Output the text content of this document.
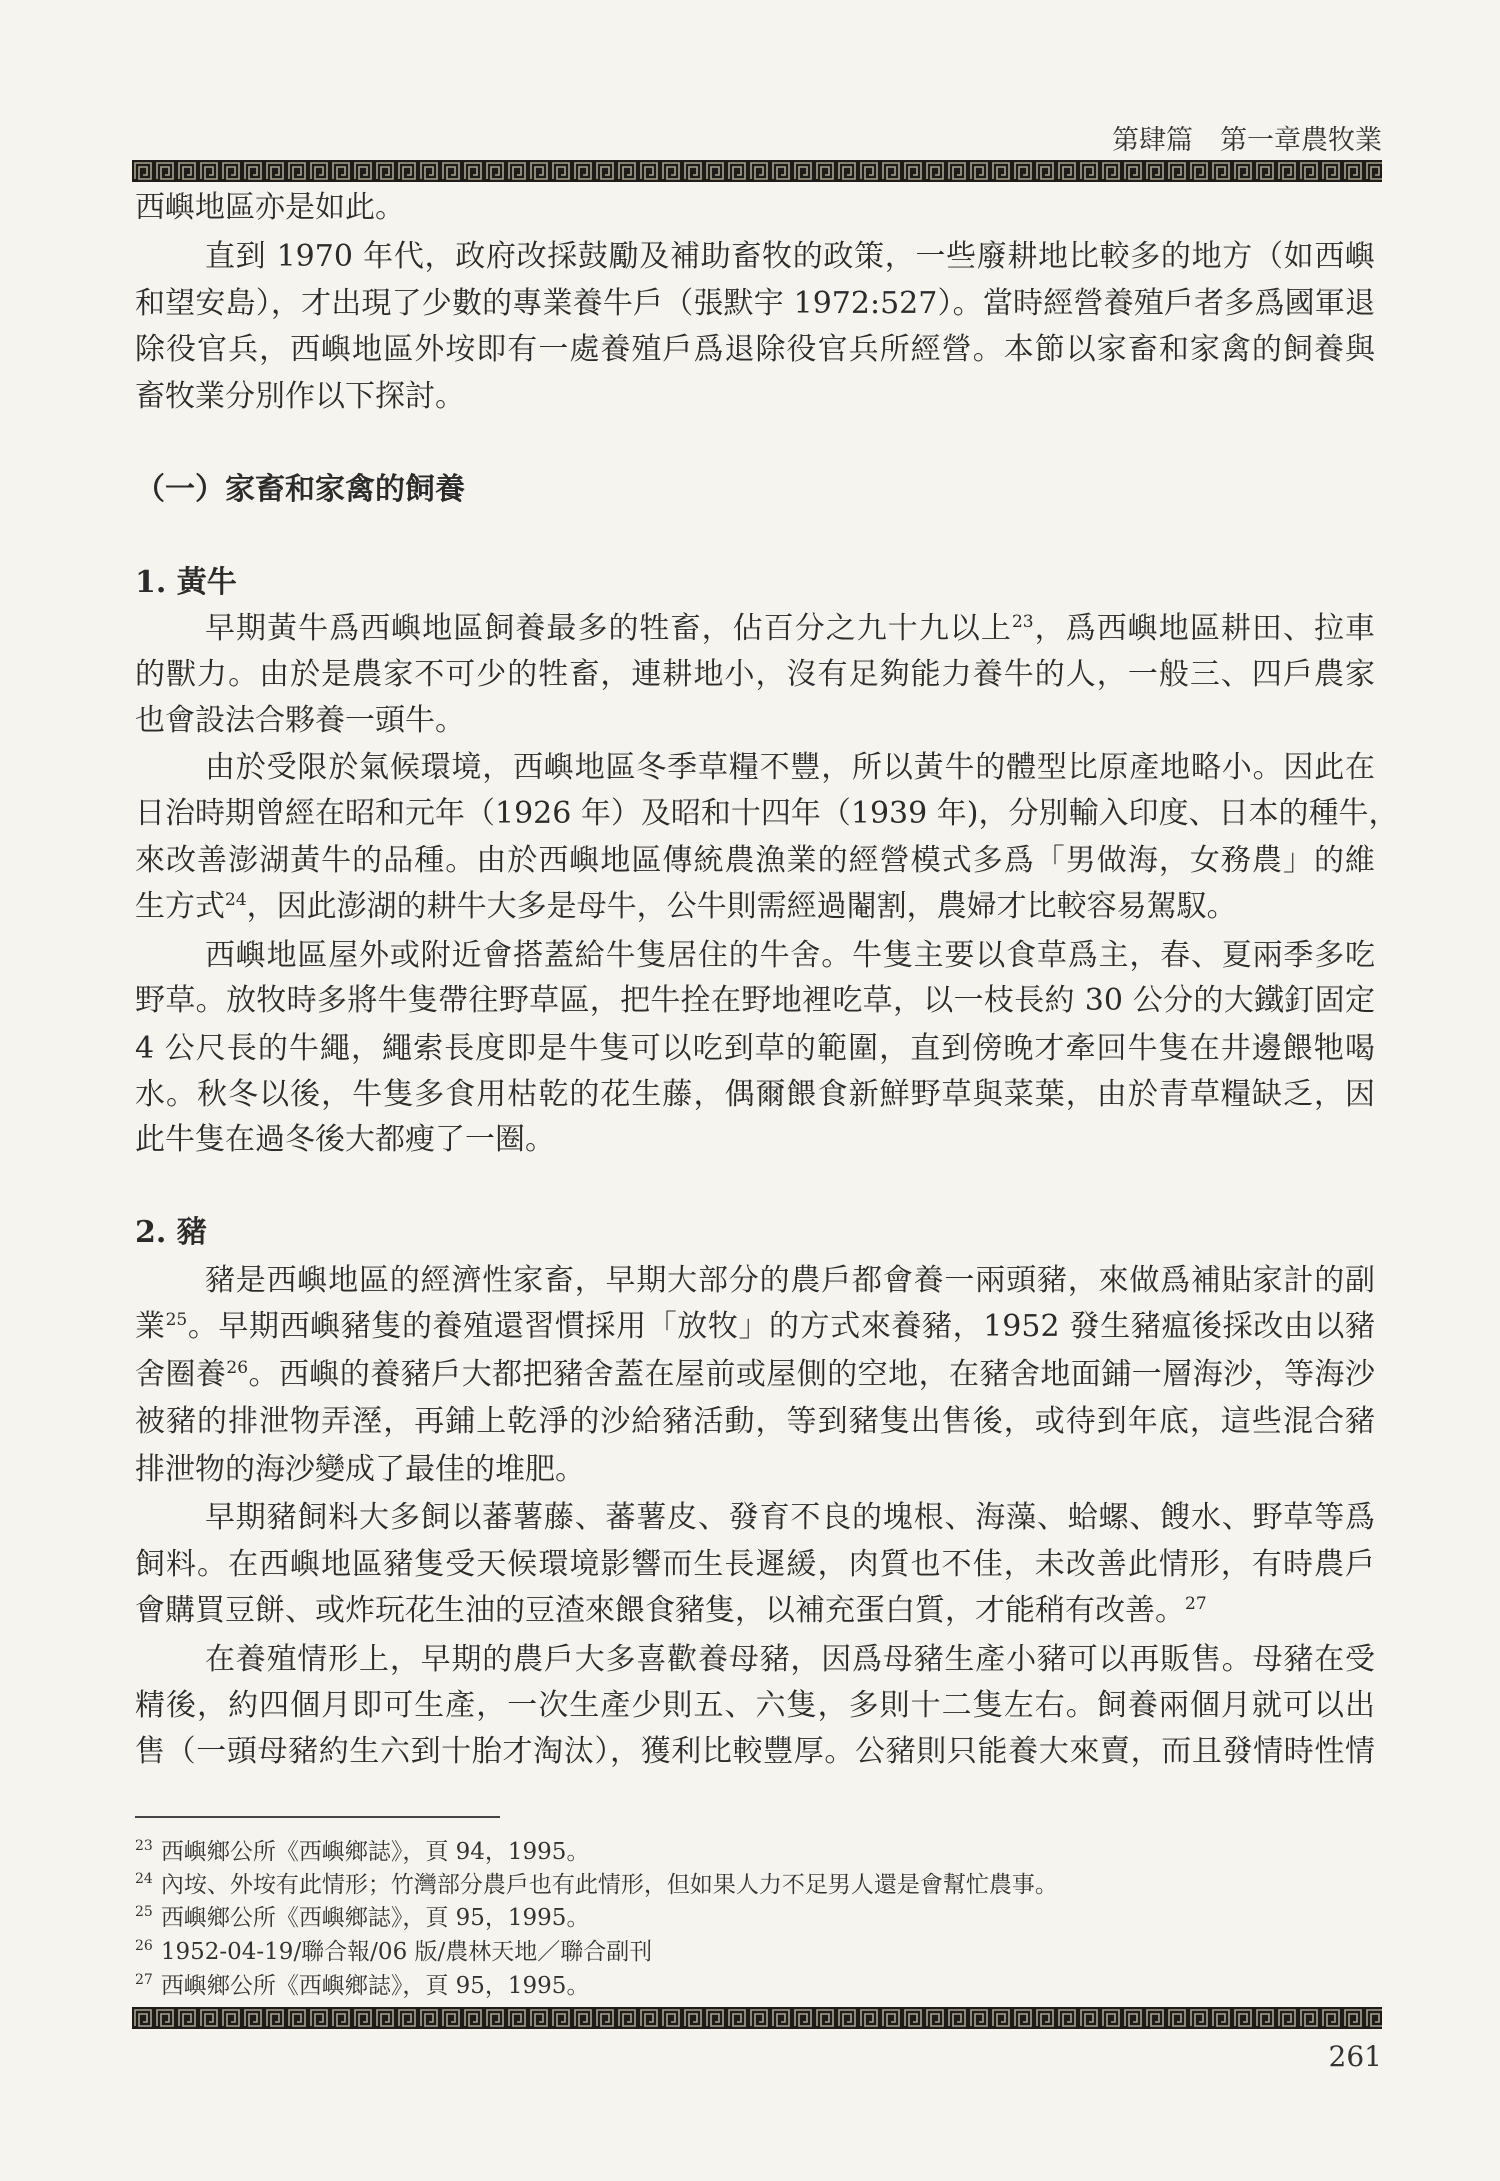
第肆篇　第一章農牧業
西嶼地區亦是如此。
直到 1970 年代，政府改採鼓勵及補助畜牧的政策，一些廢耕地比較多的地方（如西嶼
和望安島），才出現了少數的專業養牛戶（張默宇 1972:527）。當時經營養殖戶者多爲國軍退
除役官兵，西嶼地區外垵即有一處養殖戶爲退除役官兵所經營。本節以家畜和家禽的飼養與
畜牧業分別作以下探討。
（一）家畜和家禽的飼養
1. 黃牛
早期黃牛爲西嶼地區飼養最多的牲畜，佔百分之九十九以上$^{23}$，爲西嶼地區耕田、拉車
的獸力。由於是農家不可少的牲畜，連耕地小，沒有足夠能力養牛的人，一般三、四戶農家
也會設法合夥養一頭牛。
由於受限於氣候環境，西嶼地區冬季草糧不豐，所以黃牛的體型比原產地略小。因此在
日治時期曾經在昭和元年（1926 年）及昭和十四年（1939 年)，分別輸入印度、日本的種牛，
來改善澎湖黃牛的品種。由於西嶼地區傳統農漁業的經營模式多爲「男做海，女務農」的維
生方式$^{24}$，因此澎湖的耕牛大多是母牛，公牛則需經過閹割，農婦才比較容易駕馭。
西嶼地區屋外或附近會搭蓋給牛隻居住的牛舍。牛隻主要以食草爲主，春、夏兩季多吃
野草。放牧時多將牛隻帶往野草區，把牛拴在野地裡吃草，以一枝長約 30 公分的大鐵釘固定
4 公尺長的牛繩，繩索長度即是牛隻可以吃到草的範圍，直到傍晚才牽回牛隻在井邊餵牠喝
水。秋冬以後，牛隻多食用枯乾的花生藤，偶爾餵食新鮮野草與菜葉，由於青草糧缺乏，因
此牛隻在過冬後大都瘦了一圈。
2. 豬
豬是西嶼地區的經濟性家畜，早期大部分的農戶都會養一兩頭豬，來做爲補貼家計的副
業$^{25}$。早期西嶼豬隻的養殖還習慣採用「放牧」的方式來養豬，1952 發生豬瘟後採改由以豬
舍圈養$^{26}$。西嶼的養豬戶大都把豬舍蓋在屋前或屋側的空地，在豬舍地面鋪一層海沙，等海沙
被豬的排泄物弄溼，再鋪上乾淨的沙給豬活動，等到豬隻出售後，或待到年底，這些混合豬
排泄物的海沙變成了最佳的堆肥。
早期豬飼料大多飼以蕃薯藤、蕃薯皮、發育不良的塊根、海藻、蛤螺、餿水、野草等爲
飼料。在西嶼地區豬隻受天候環境影響而生長遲緩，肉質也不佳，未改善此情形，有時農戶
會購買豆餅、或炸玩花生油的豆渣來餵食豬隻，以補充蛋白質，才能稍有改善。$^{27}$
在養殖情形上，早期的農戶大多喜歡養母豬，因爲母豬生產小豬可以再販售。母豬在受
精後，約四個月即可生產，一次生產少則五、六隻，多則十二隻左右。飼養兩個月就可以出
售（一頭母豬約生六到十胎才淘汰），獲利比較豐厚。公豬則只能養大來賣，而且發情時性情
$^{23}$ 西嶼鄉公所《西嶼鄉誌》，頁 94，1995。
$^{24}$ 內垵、外垵有此情形；竹灣部分農戶也有此情形，但如果人力不足男人還是會幫忙農事。
$^{25}$ 西嶼鄉公所《西嶼鄉誌》，頁 95，1995。
$^{26}$ 1952-04-19/聯合報/06 版/農林天地／聯合副刊
$^{27}$ 西嶼鄉公所《西嶼鄉誌》，頁 95，1995。
261
